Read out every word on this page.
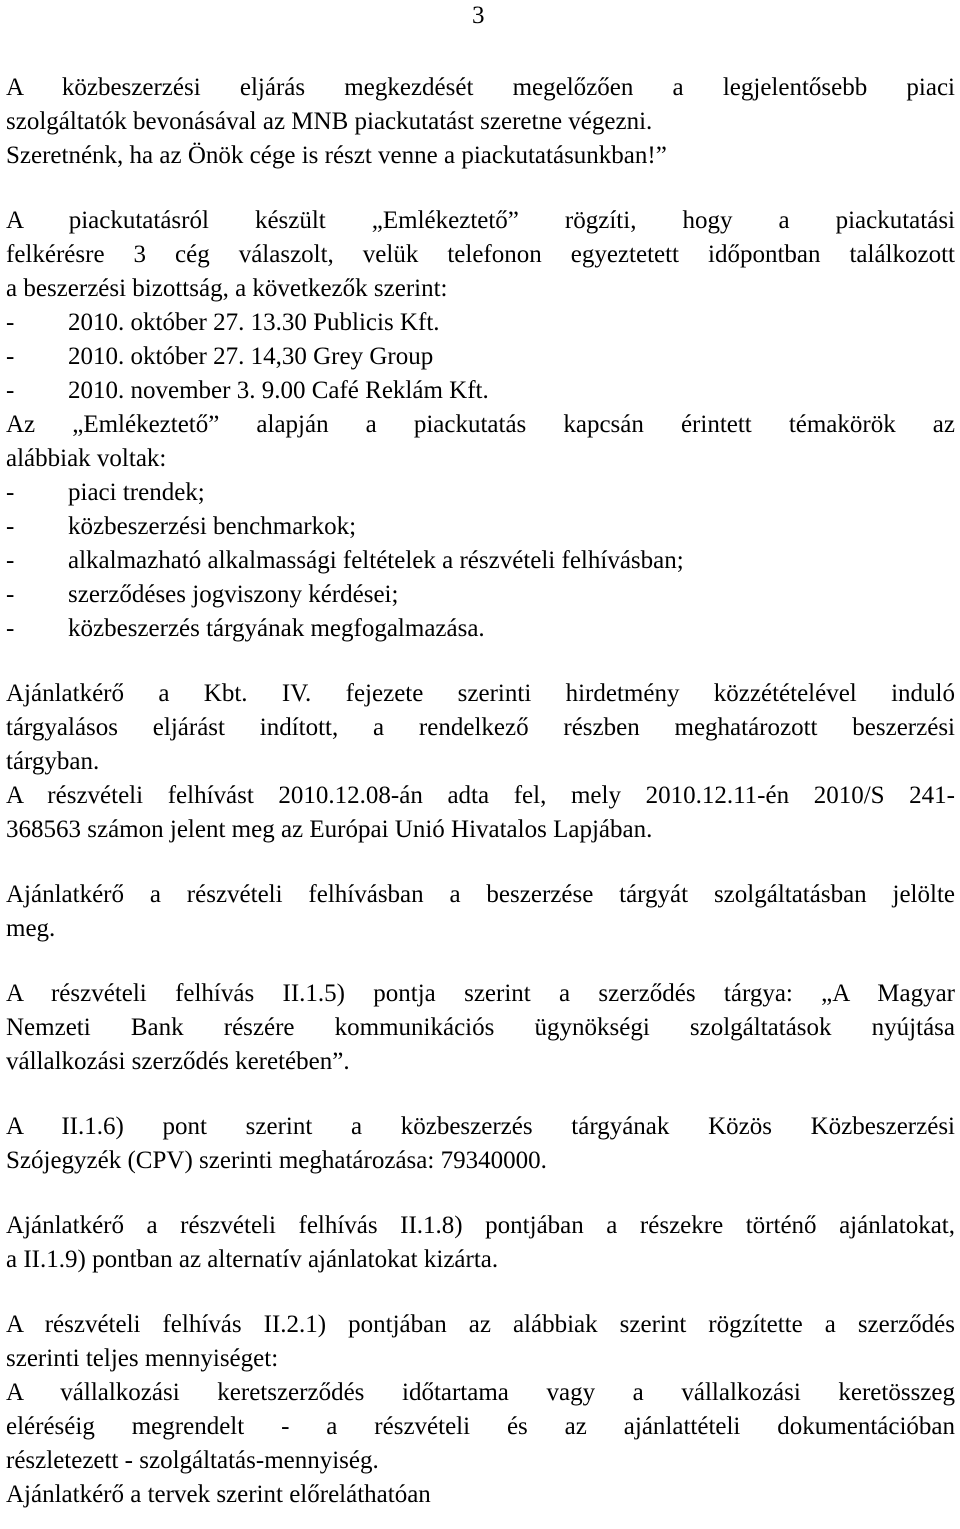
3

A közbeszerzési eljárás megkezdését megelőzően a legjelentősebb piaci

szolgáltatók bevonásával az MNB piackutatást szeretne végezni.

Szeretnénk, ha az Önök cége is részt venne a piackutatásunkban!”

A piackutatásról készült „Emlékeztető” rögzíti, hogy a piackutatási

felkérésre 3 cég válaszolt, velük telefonon egyeztetett időpontban találkozott

a beszerzési bizottság, a következők szerint:

-	2010. október 27. 13.30 Publicis Kft.
-	2010. október 27. 14,30 Grey Group
-	2010. november 3. 9.00 Café Reklám Kft.

Az „Emlékeztető” alapján a piackutatás kapcsán érintett témakörök az

alábbiak voltak:

-	piaci trendek;
-	közbeszerzési benchmarkok;
-	alkalmazható alkalmassági feltételek a részvételi felhívásban;
-	szerződéses jogviszony kérdései;
-	közbeszerzés tárgyának megfogalmazása.

Ajánlatkérő a Kbt. IV. fejezete szerinti hirdetmény közzétételével induló

tárgyalásos eljárást indított, a rendelkező részben meghatározott beszerzési

tárgyban.

A részvételi felhívást 2010.12.08-án adta fel, mely 2010.12.11-én 2010/S 241-

368563 számon jelent meg az Európai Unió Hivatalos Lapjában.

Ajánlatkérő a részvételi felhívásban a beszerzése tárgyát szolgáltatásban jelölte

meg.

A részvételi felhívás II.1.5) pontja szerint a szerződés tárgya: „A Magyar

Nemzeti Bank részére kommunikációs ügynökségi szolgáltatások nyújtása

vállalkozási szerződés keretében”.

A II.1.6) pont szerint a közbeszerzés tárgyának Közös Közbeszerzési

Szójegyzék (CPV) szerinti meghatározása: 79340000.

Ajánlatkérő a részvételi felhívás II.1.8) pontjában a részekre történő ajánlatokat,

a II.1.9) pontban az alternatív ajánlatokat kizárta.

A részvételi felhívás II.2.1) pontjában az alábbiak szerint rögzítette a szerződés

szerinti teljes mennyiséget:

A vállalkozási keretszerződés időtartama vagy a vállalkozási keretösszeg

eléréséig megrendelt - a részvételi és az ajánlattételi dokumentációban

részletezett - szolgáltatás-mennyiség.

Ajánlatkérő a tervek szerint előreláthatóan
